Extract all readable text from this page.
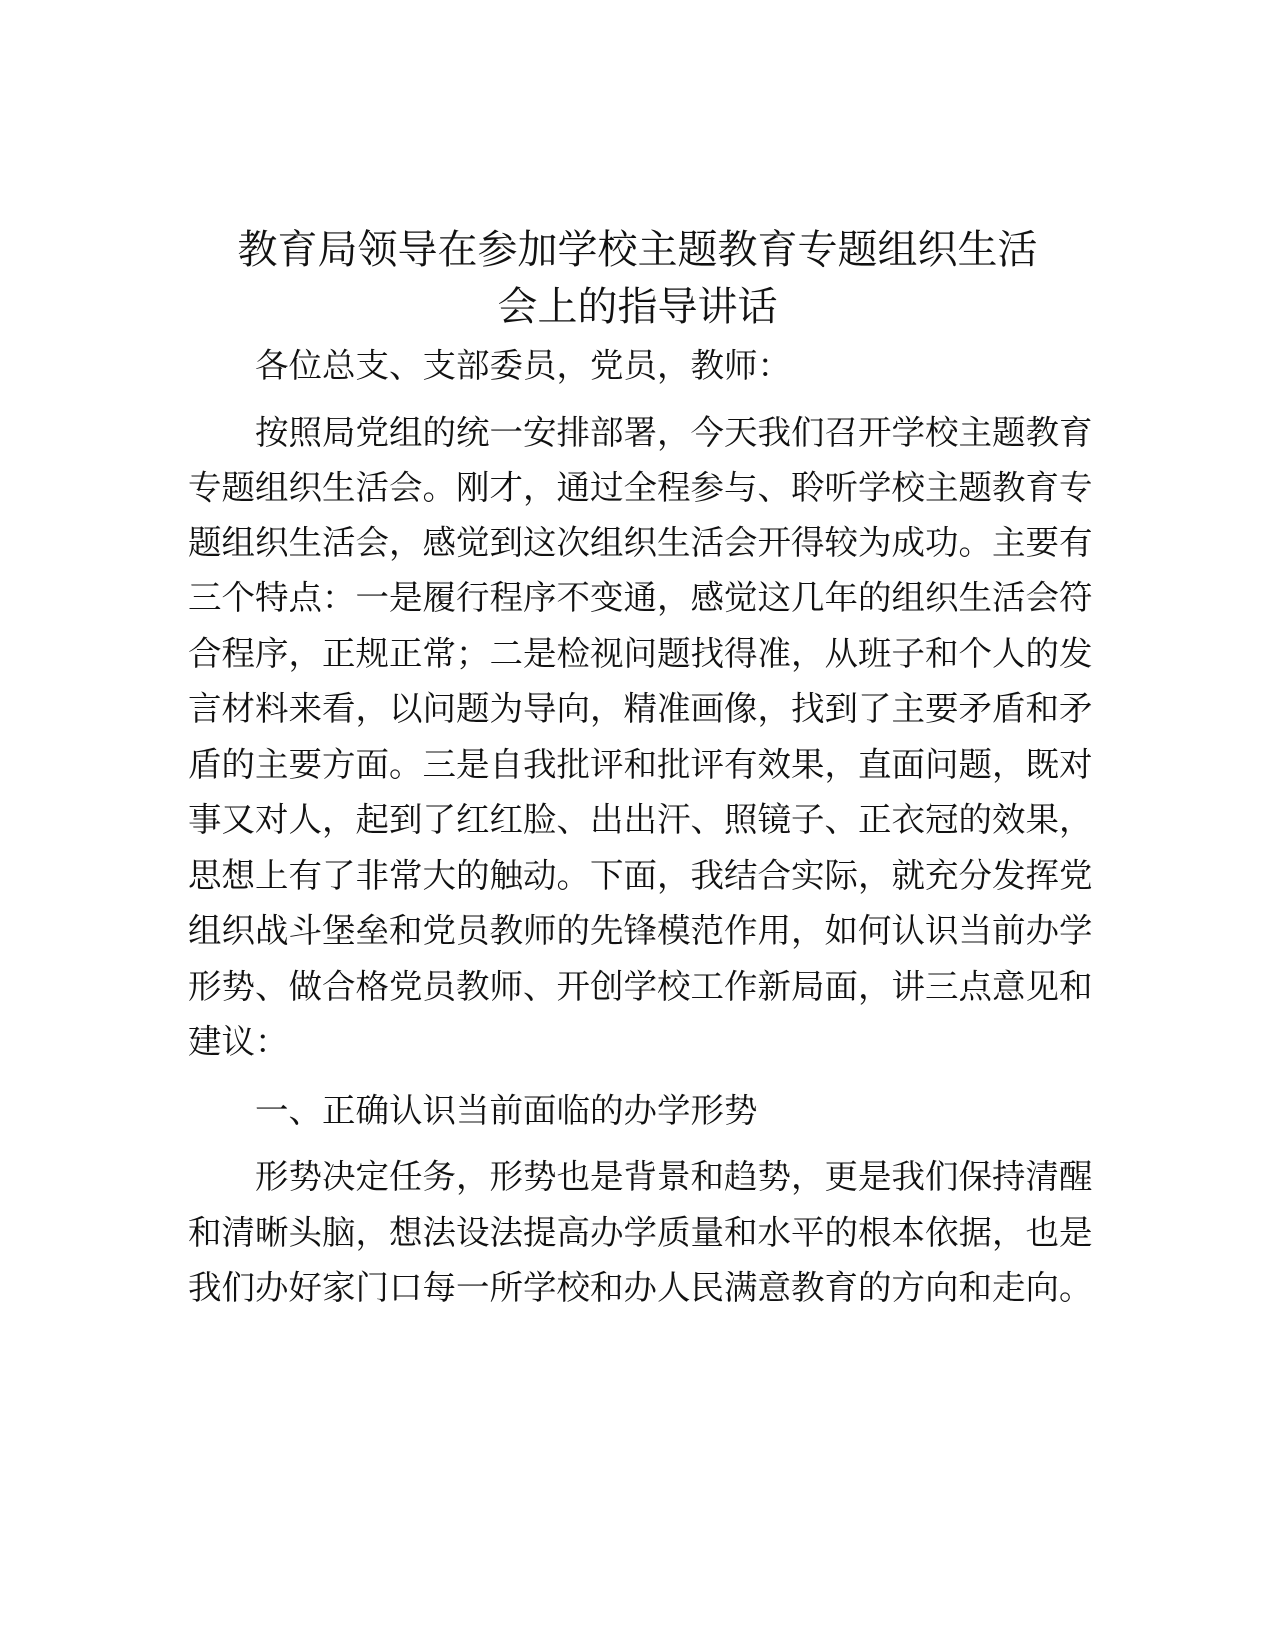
教育局领导在参加学校主题教育专题组织生活
会上的指导讲话
各位总支、支部委员，党员，教师：
按照局党组的统一安排部署，今天我们召开学校主题教育
专题组织生活会。刚才，通过全程参与、聆听学校主题教育专
题组织生活会，感觉到这次组织生活会开得较为成功。主要有
三个特点：一是履行程序不变通，感觉这几年的组织生活会符
合程序，正规正常；二是检视问题找得准，从班子和个人的发
言材料来看，以问题为导向，精准画像，找到了主要矛盾和矛
盾的主要方面。三是自我批评和批评有效果，直面问题，既对
事又对人，起到了红红脸、出出汗、照镜子、正衣冠的效果，
思想上有了非常大的触动。下面，我结合实际，就充分发挥党
组织战斗堡垒和党员教师的先锋模范作用，如何认识当前办学
形势、做合格党员教师、开创学校工作新局面，讲三点意见和
建议：
一、正确认识当前面临的办学形势
形势决定任务，形势也是背景和趋势，更是我们保持清醒
和清晰头脑，想法设法提高办学质量和水平的根本依据，也是
我们办好家门口每一所学校和办人民满意教育的方向和走向。
